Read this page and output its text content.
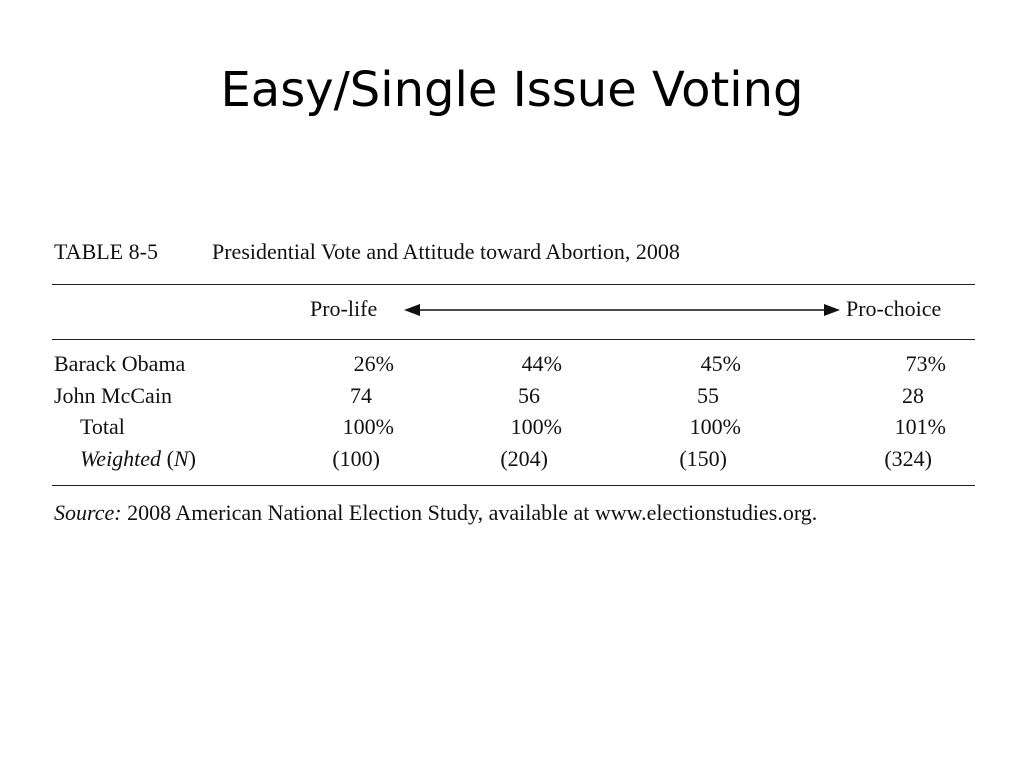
Easy/Single Issue Voting
TABLE 8-5 Presidential Vote and Attitude toward Abortion, 2008
Pro-life	Pro-choice
Barack Obama	26%	44%	45%	73%
John McCain	74	56	55	28
Total	100%	100%	100%	101%
Weighted (N)	(100)	(204)	(150)	(324)
Source: 2008 American National Election Study, available at www.electionstudies.org.
